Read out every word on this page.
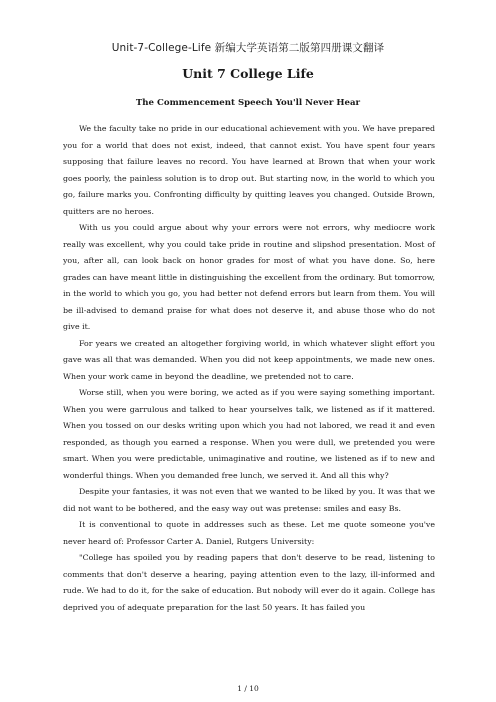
Unit-7-College-Life 新编大学英语第二版第四册课文翻译
Unit 7 College Life
The Commencement Speech You'll Never Hear

We the faculty take no pride in our educational achievement with you. We have prepared you for a world that does not exist, indeed, that cannot exist. You have spent four years supposing that failure leaves no record. You have learned at Brown that when your work goes poorly, the painless solution is to drop out. But starting now, in the world to which you go, failure marks you. Confronting difficulty by quitting leaves you changed. Outside Brown, quitters are no heroes.

With us you could argue about why your errors were not errors, why mediocre work really was excellent, why you could take pride in routine and slipshod presentation. Most of you, after all, can look back on honor grades for most of what you have done. So, here grades can have meant little in distinguishing the excellent from the ordinary. But tomorrow, in the world to which you go, you had better not defend errors but learn from them. You will be ill-advised to demand praise for what does not deserve it, and abuse those who do not give it.

For years we created an altogether forgiving world, in which whatever slight effort you gave was all that was demanded. When you did not keep appointments, we made new ones. When your work came in beyond the deadline, we pretended not to care.

Worse still, when you were boring, we acted as if you were saying something important. When you were garrulous and talked to hear yourselves talk, we listened as if it mattered. When you tossed on our desks writing upon which you had not labored, we read it and even responded, as though you earned a response. When you were dull, we pretended you were smart. When you were predictable, unimaginative and routine, we listened as if to new and wonderful things. When you demanded free lunch, we served it. And all this why?

Despite your fantasies, it was not even that we wanted to be liked by you. It was that we did not want to be bothered, and the easy way out was pretense: smiles and easy Bs.

It is conventional to quote in addresses such as these. Let me quote someone you've never heard of: Professor Carter A. Daniel, Rutgers University:

"College has spoiled you by reading papers that don't deserve to be read, listening to comments that don't deserve a hearing, paying attention even to the lazy, ill-informed and rude. We had to do it, for the sake of education. But nobody will ever do it again. College has deprived you of adequate preparation for the last 50 years. It has failed you

1 / 10
